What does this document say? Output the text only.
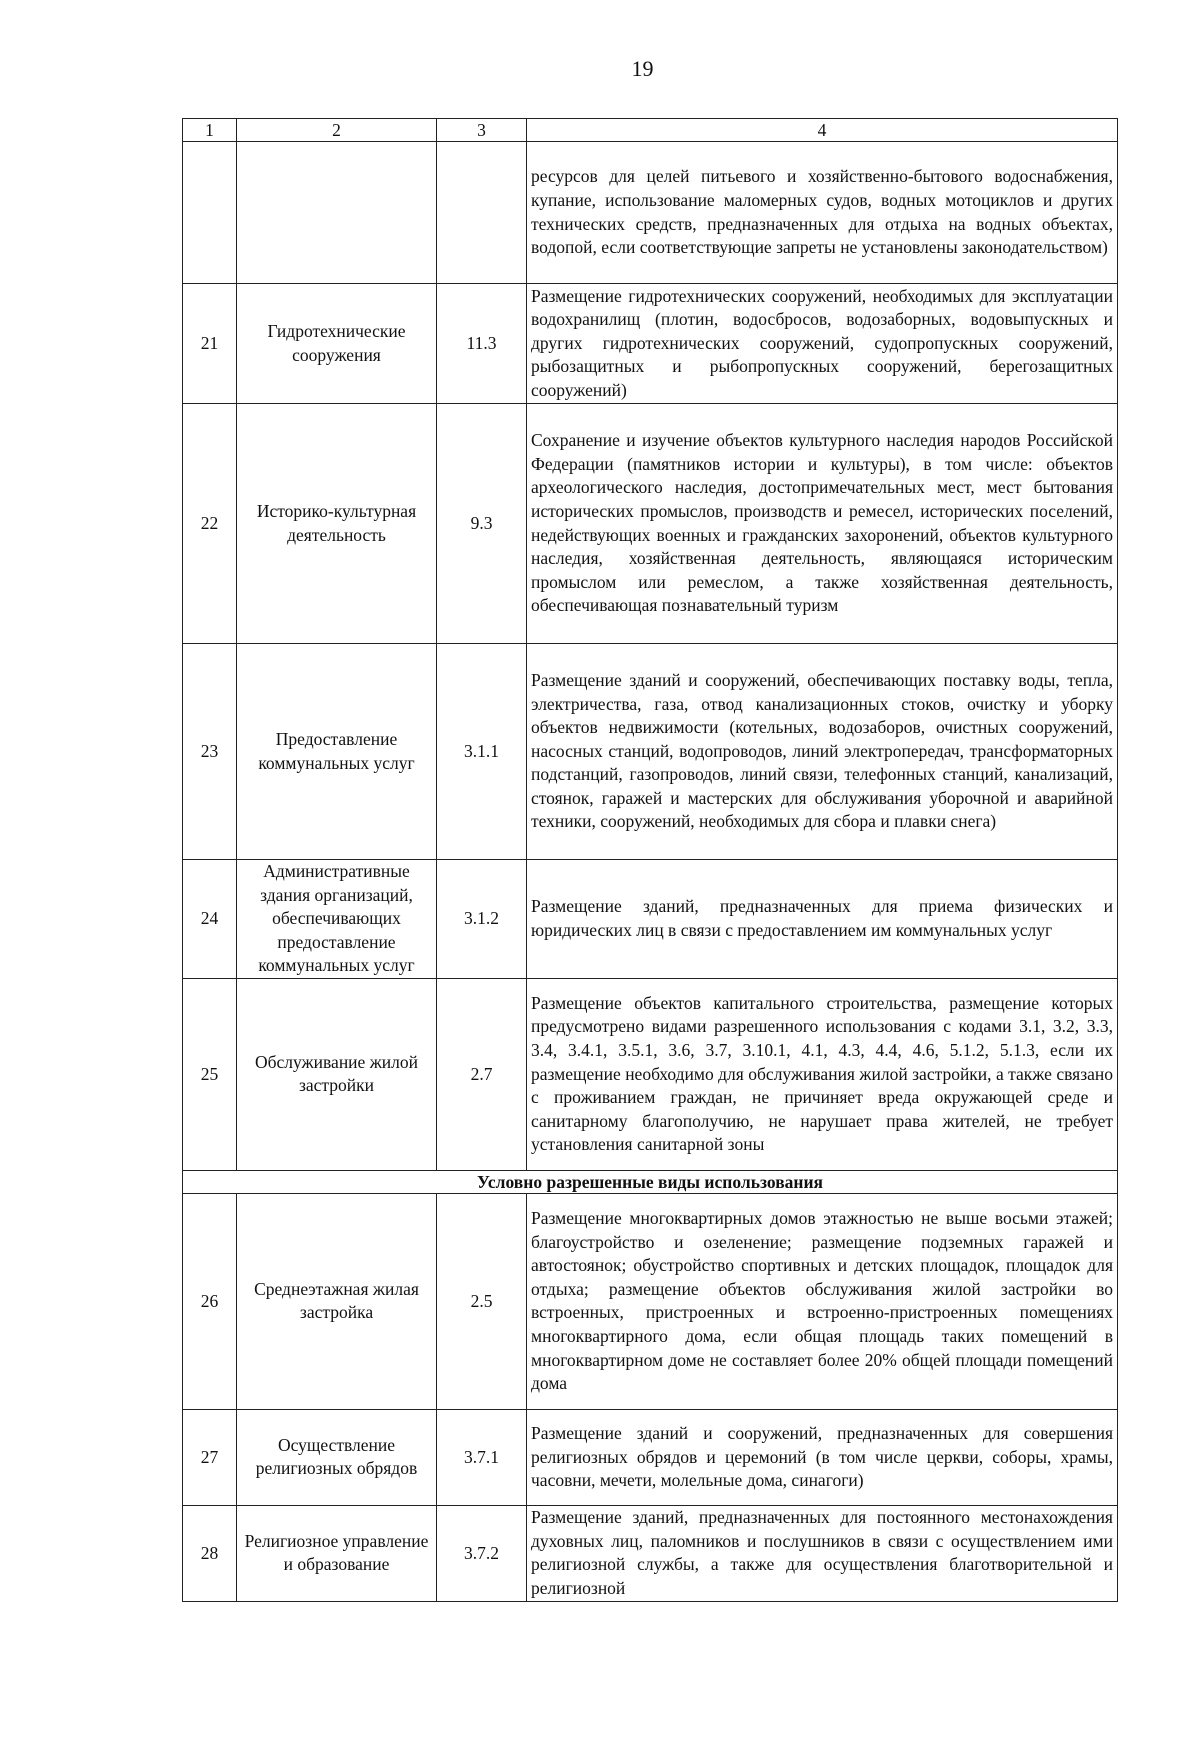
19
1	2	3	4
			ресурсов для целей питьевого и хозяйственно-бытового водоснабжения, купание, использование маломерных судов, водных мотоциклов и других технических средств, предназначенных для отдыха на водных объектах, водопой, если соответствующие запреты не установлены законодательством)
21	Гидротехнические сооружения	11.3	Размещение гидротехнических сооружений, необходимых для эксплуатации водохранилищ (плотин, водосбросов, водозаборных, водовыпускных и других гидротехнических сооружений, судопропускных сооружений, рыбозащитных и рыбопропускных сооружений, берегозащитных сооружений)
22	Историко-культурная деятельность	9.3	Сохранение и изучение объектов культурного наследия народов Российской Федерации (памятников истории и культуры), в том числе: объектов археологического наследия, достопримечательных мест, мест бытования исторических промыслов, производств и ремесел, исторических поселений, недействующих военных и гражданских захоронений, объектов культурного наследия, хозяйственная деятельность, являющаяся историческим промыслом или ремеслом, а также хозяйственная деятельность, обеспечивающая познавательный туризм
23	Предоставление коммунальных услуг	3.1.1	Размещение зданий и сооружений, обеспечивающих поставку воды, тепла, электричества, газа, отвод канализационных стоков, очистку и уборку объектов недвижимости (котельных, водозаборов, очистных сооружений, насосных станций, водопроводов, линий электропередач, трансформаторных подстанций, газопроводов, линий связи, телефонных станций, канализаций, стоянок, гаражей и мастерских для обслуживания уборочной и аварийной техники, сооружений, необходимых для сбора и плавки снега)
24	Административные здания организаций, обеспечивающих предоставление коммунальных услуг	3.1.2	Размещение зданий, предназначенных для приема физических и юридических лиц в связи с предоставлением им коммунальных услуг
25	Обслуживание жилой застройки	2.7	Размещение объектов капитального строительства, размещение которых предусмотрено видами разрешенного использования с кодами 3.1, 3.2, 3.3, 3.4, 3.4.1, 3.5.1, 3.6, 3.7, 3.10.1, 4.1, 4.3, 4.4, 4.6, 5.1.2, 5.1.3, если их размещение необходимо для обслуживания жилой застройки, а также связано с проживанием граждан, не причиняет вреда окружающей среде и санитарному благополучию, не нарушает права жителей, не требует установления санитарной зоны
Условно разрешенные виды использования			
26	Среднеэтажная жилая застройка	2.5	Размещение многоквартирных домов этажностью не выше восьми этажей; благоустройство и озеленение; размещение подземных гаражей и автостоянок; обустройство спортивных и детских площадок, площадок для отдыха; размещение объектов обслуживания жилой застройки во встроенных, пристроенных и встроенно-пристроенных помещениях многоквартирного дома, если общая площадь таких помещений в многоквартирном доме не составляет более 20% общей площади помещений дома
27	Осуществление религиозных обрядов	3.7.1	Размещение зданий и сооружений, предназначенных для совершения религиозных обрядов и церемоний (в том числе церкви, соборы, храмы, часовни, мечети, молельные дома, синагоги)
28	Религиозное управление и образование	3.7.2	Размещение зданий, предназначенных для постоянного местонахождения духовных лиц, паломников и послушников в связи с осуществлением ими религиозной службы, а также для осуществления благотворительной и религиозной
